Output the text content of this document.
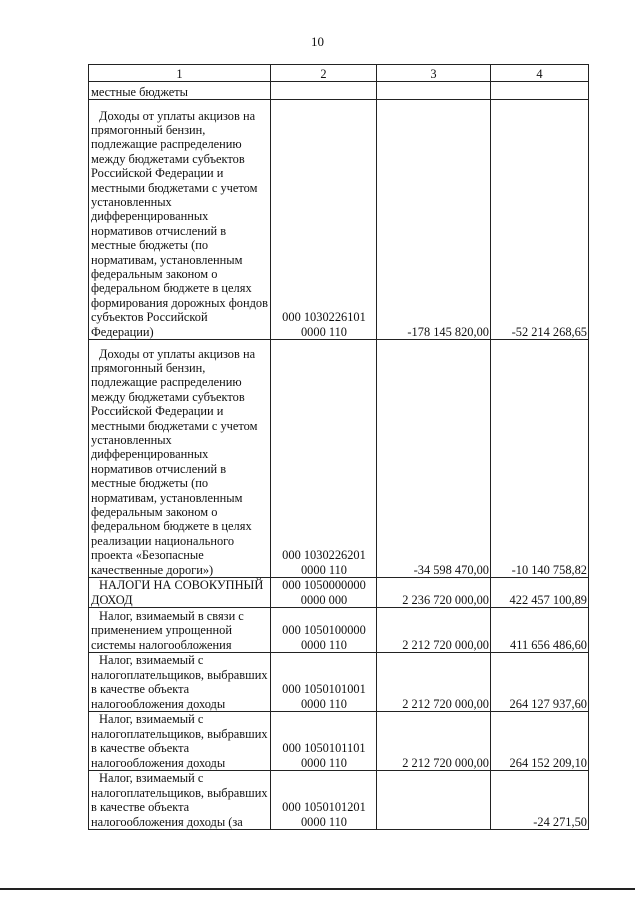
10
1	2	3	4
местные бюджеты			

Доходы от уплаты акцизов на прямогонный бензин, подлежащие распределению между бюджетами субъектов Российской Федерации и местными бюджетами с учетом установленных дифференцированных нормативов отчислений в местные бюджеты (по нормативам, установленным федеральным законом о федеральном бюджете в целях формирования дорожных фондов субъектов Российской Федерации)	000 1030226101 0000 110	-178 145 820,00	-52 214 268,65

Доходы от уплаты акцизов на прямогонный бензин, подлежащие распределению между бюджетами субъектов Российской Федерации и местными бюджетами с учетом установленных дифференцированных нормативов отчислений в местные бюджеты (по нормативам, установленным федеральным законом о федеральном бюджете в целях реализации национального проекта «Безопасные качественные дороги»)	000 1030226201 0000 110	-34 598 470,00	-10 140 758,82

НАЛОГИ НА СОВОКУПНЫЙ ДОХОД	000 1050000000 0000 000	2 236 720 000,00	422 457 100,89

Налог, взимаемый в связи с применением упрощенной системы налогообложения	000 1050100000 0000 110	2 212 720 000,00	411 656 486,60

Налог, взимаемый с налогоплательщиков, выбравших в качестве объекта налогообложения доходы	000 1050101001 0000 110	2 212 720 000,00	264 127 937,60

Налог, взимаемый с налогоплательщиков, выбравших в качестве объекта налогообложения доходы	000 1050101101 0000 110	2 212 720 000,00	264 152 209,10

Налог, взимаемый с налогоплательщиков, выбравших в качестве объекта налогообложения доходы (за	000 1050101201 0000 110		-24 271,50
